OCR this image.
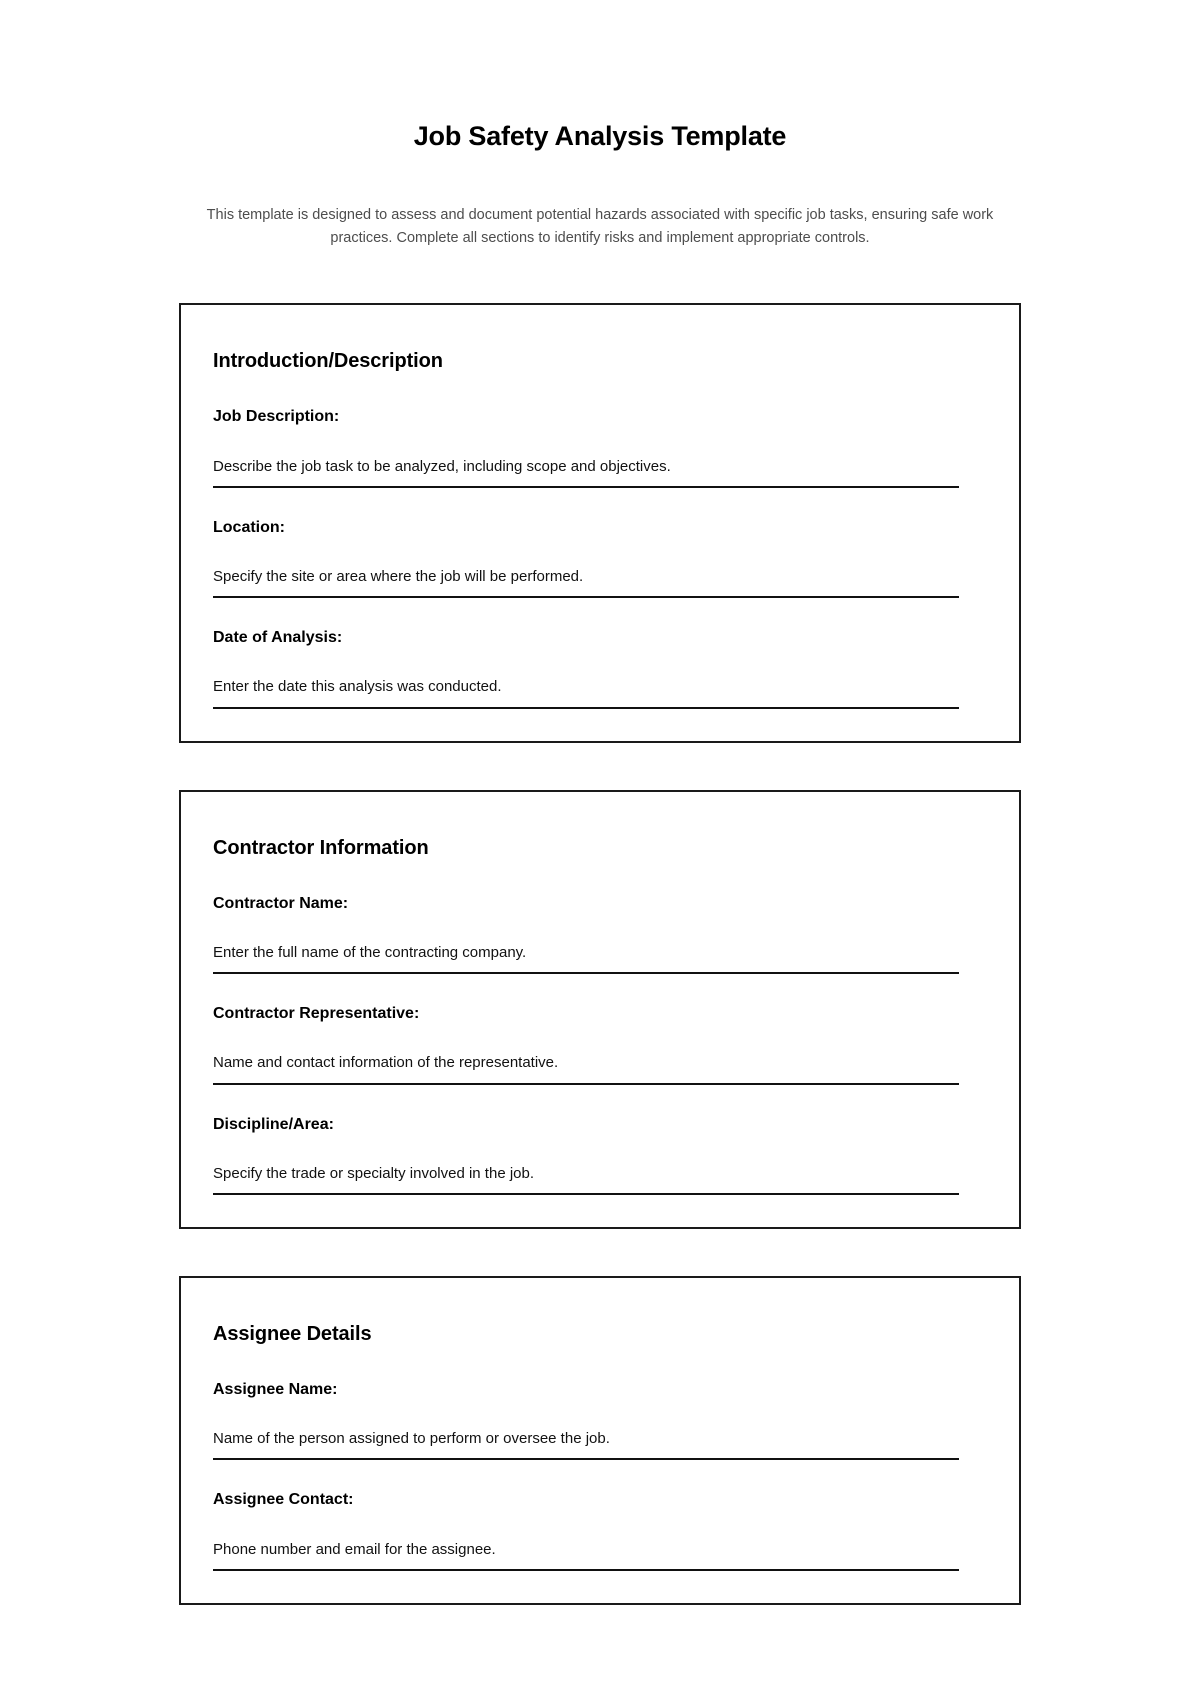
Job Safety Analysis Template

This template is designed to assess and document potential hazards associated with specific job tasks, ensuring safe work practices. Complete all sections to identify risks and implement appropriate controls.

Introduction/Description
Job Description:
Describe the job task to be analyzed, including scope and objectives.
Location:
Specify the site or area where the job will be performed.
Date of Analysis:
Enter the date this analysis was conducted.
Contractor Information
Contractor Name:
Enter the full name of the contracting company.
Contractor Representative:
Name and contact information of the representative.
Discipline/Area:
Specify the trade or specialty involved in the job.
Assignee Details
Assignee Name:
Name of the person assigned to perform or oversee the job.
Assignee Contact:
Phone number and email for the assignee.
